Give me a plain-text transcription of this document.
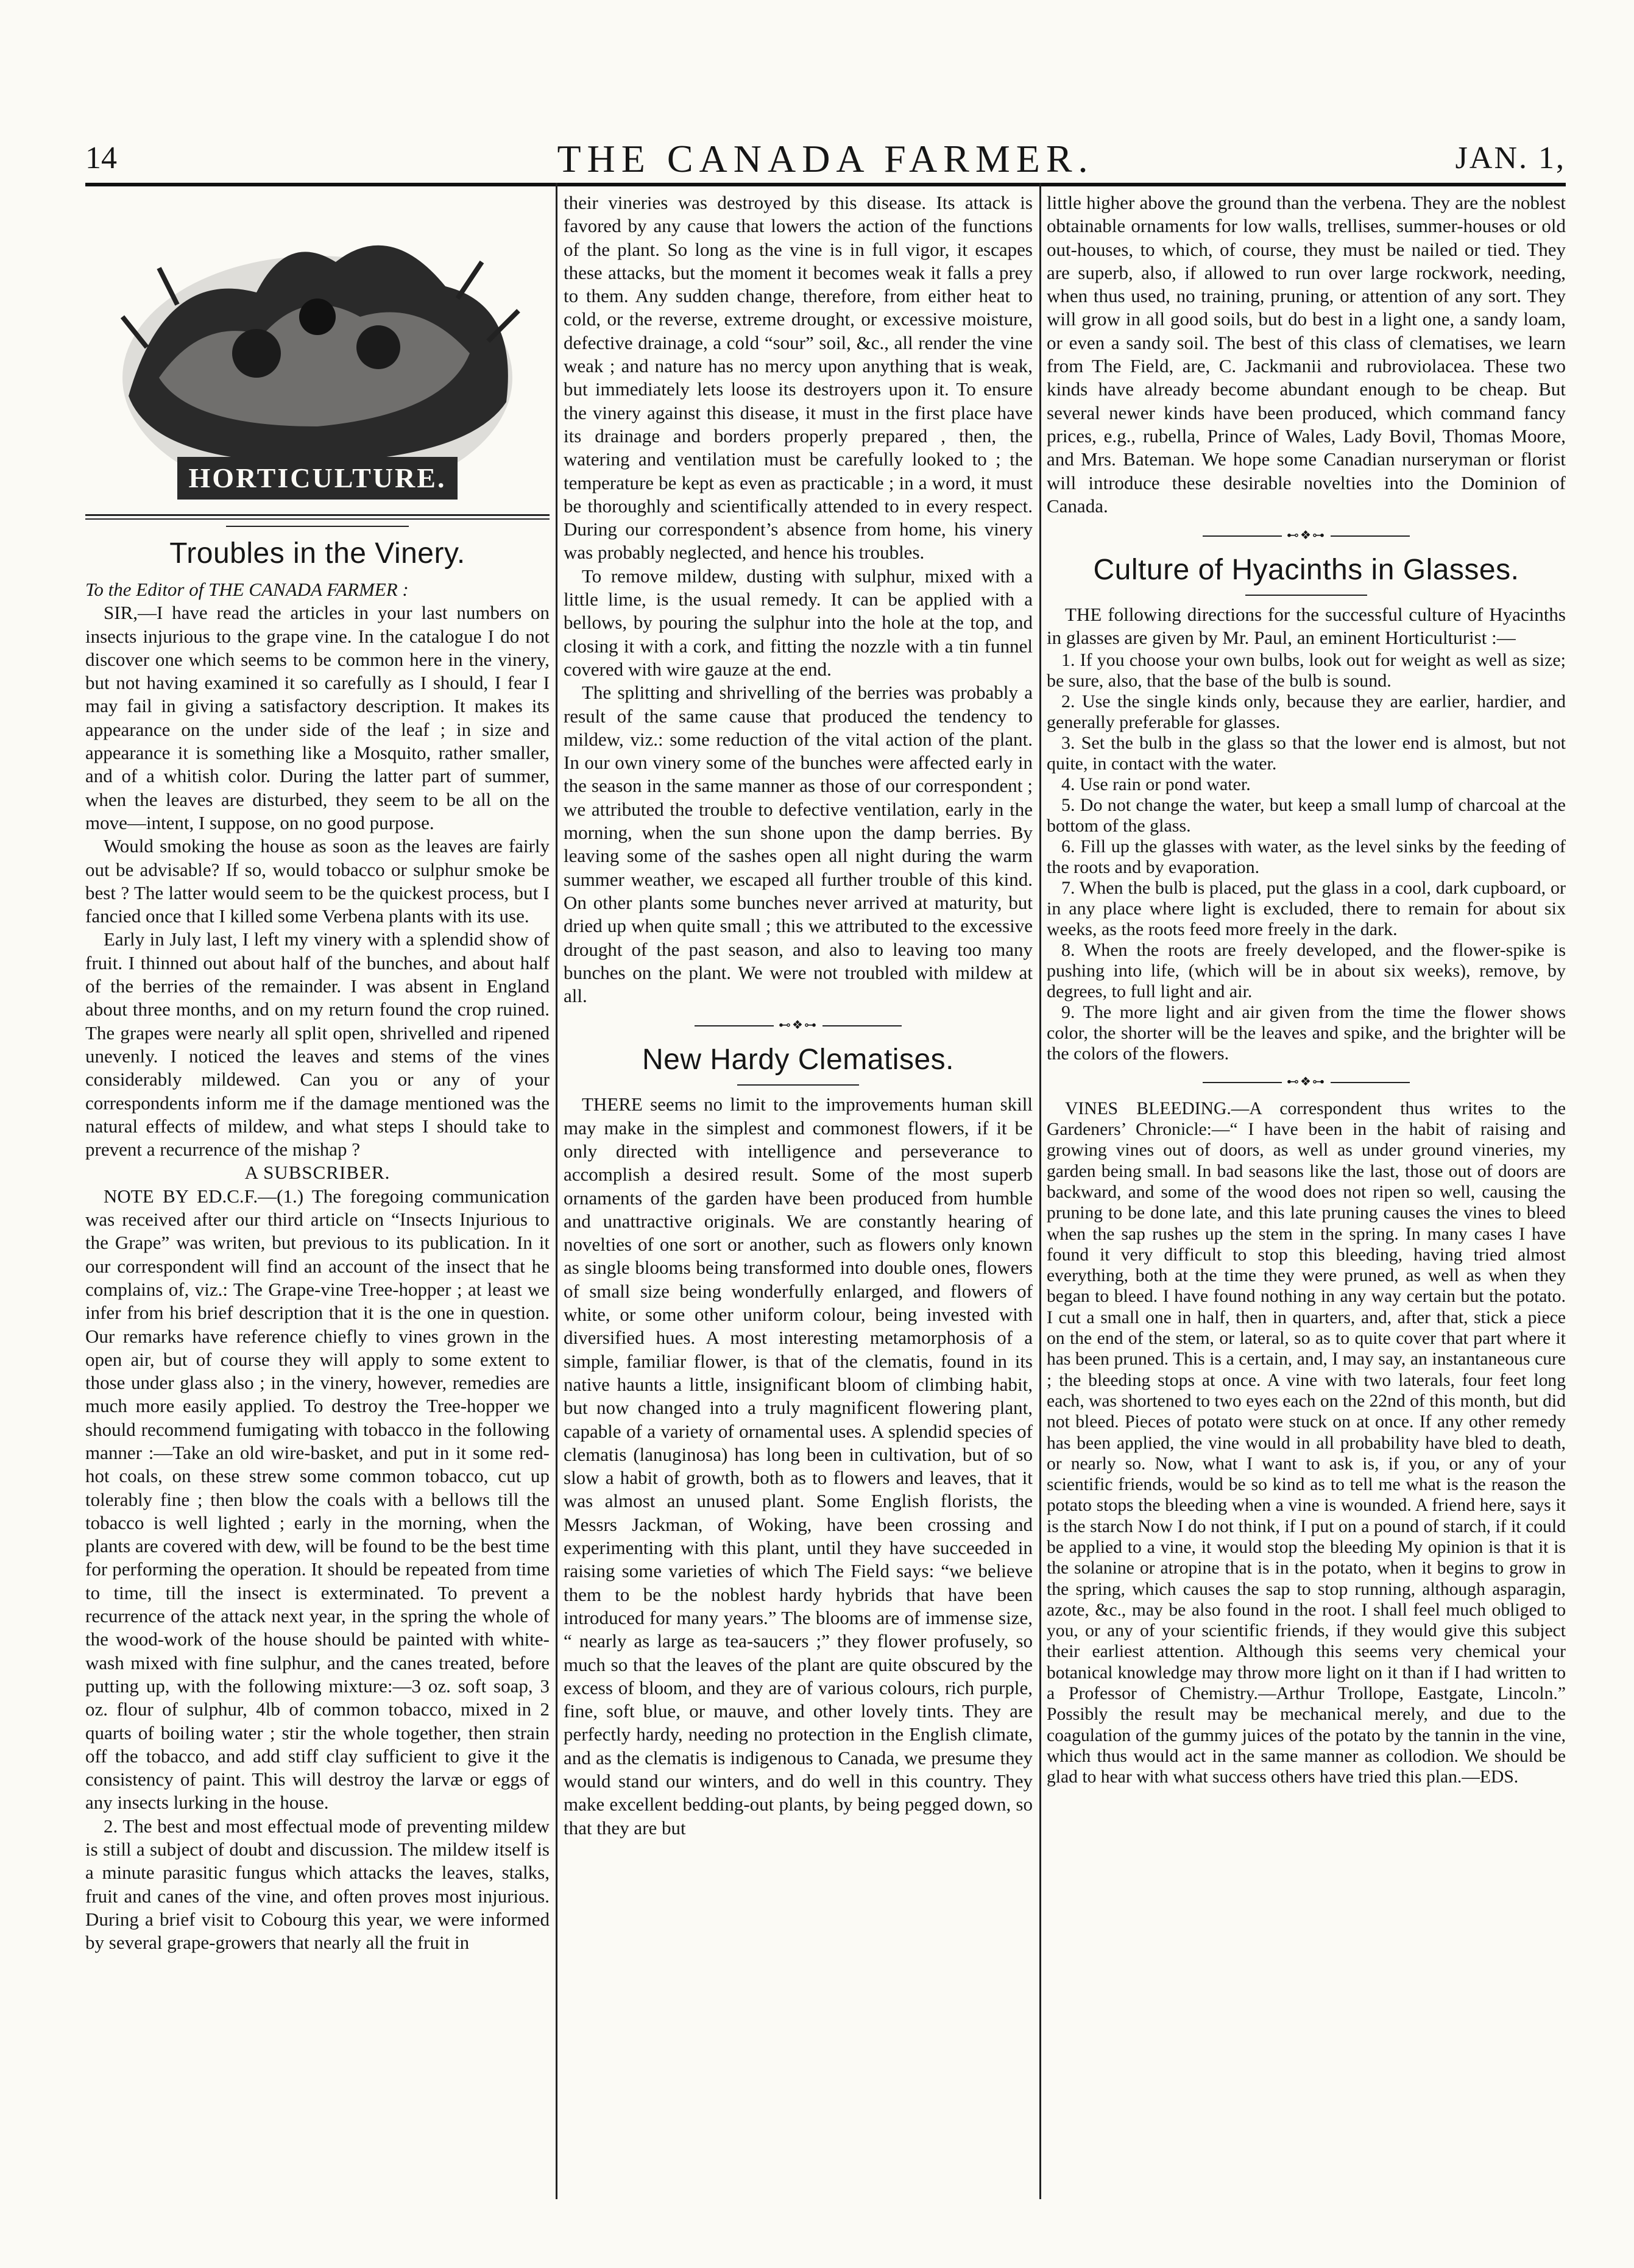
14	THE CANADA FARMER.	JAN. 1,
HORTICULTURE.
Troubles in the Vinery.

To the Editor of THE CANADA FARMER :

SIR,—I have read the articles in your last numbers on insects injurious to the grape vine. In the catalogue I do not discover one which seems to be common here in the vinery, but not having examined it so carefully as I should, I fear I may fail in giving a satisfactory description. It makes its appearance on the under side of the leaf ; in size and appearance it is something like a Mosquito, rather smaller, and of a whitish color. During the latter part of summer, when the leaves are disturbed, they seem to be all on the move—intent, I suppose, on no good purpose.

Would smoking the house as soon as the leaves are fairly out be advisable? If so, would tobacco or sulphur smoke be best ? The latter would seem to be the quickest process, but I fancied once that I killed some Verbena plants with its use.

Early in July last, I left my vinery with a splendid show of fruit. I thinned out about half of the bunches, and about half of the berries of the remainder. I was absent in England about three months, and on my return found the crop ruined. The grapes were nearly all split open, shrivelled and ripened unevenly. I noticed the leaves and stems of the vines considerably mildewed. Can you or any of your correspondents inform me if the damage mentioned was the natural effects of mildew, and what steps I should take to prevent a recurrence of the mishap ?

A SUBSCRIBER.

NOTE BY ED.C.F.—(1.) The foregoing communication was received after our third article on “Insects Injurious to the Grape” was writen, but previous to its publication. In it our correspondent will find an account of the insect that he complains of, viz.: The Grape-vine Tree-hopper ; at least we infer from his brief description that it is the one in question. Our remarks have reference chiefly to vines grown in the open air, but of course they will apply to some extent to those under glass also ; in the vinery, however, remedies are much more easily applied. To destroy the Tree-hopper we should recommend fumigating with tobacco in the following manner :—Take an old wire-basket, and put in it some red-hot coals, on these strew some common tobacco, cut up tolerably fine ; then blow the coals with a bellows till the tobacco is well lighted ; early in the morning, when the plants are covered with dew, will be found to be the best time for performing the operation. It should be repeated from time to time, till the insect is exterminated. To prevent a recurrence of the attack next year, in the spring the whole of the wood-work of the house should be painted with white-wash mixed with fine sulphur, and the canes treated, before putting up, with the following mixture:—3 oz. soft soap, 3 oz. flour of sulphur, 4lb of common tobacco, mixed in 2 quarts of boiling water ; stir the whole together, then strain off the tobacco, and add stiff clay sufficient to give it the consistency of paint. This will destroy the larvæ or eggs of any insects lurking in the house.

2. The best and most effectual mode of preventing mildew is still a subject of doubt and discussion. The mildew itself is a minute parasitic fungus which attacks the leaves, stalks, fruit and canes of the vine, and often proves most injurious. During a brief visit to Cobourg this year, we were informed by several grape-growers that nearly all the fruit in

their vineries was destroyed by this disease. Its attack is favored by any cause that lowers the action of the functions of the plant. So long as the vine is in full vigor, it escapes these attacks, but the moment it becomes weak it falls a prey to them. Any sudden change, therefore, from either heat to cold, or the reverse, extreme drought, or excessive moisture, defective drainage, a cold “sour” soil, &c., all render the vine weak ; and nature has no mercy upon anything that is weak, but immediately lets loose its destroyers upon it. To ensure the vinery against this disease, it must in the first place have its drainage and borders properly prepared , then, the watering and ventilation must be carefully looked to ; the temperature be kept as even as practicable ; in a word, it must be thoroughly and scientifically attended to in every respect. During our correspondent’s absence from home, his vinery was probably neglected, and hence his troubles.

To remove mildew, dusting with sulphur, mixed with a little lime, is the usual remedy. It can be applied with a bellows, by pouring the sulphur into the hole at the top, and closing it with a cork, and fitting the nozzle with a tin funnel covered with wire gauze at the end.

The splitting and shrivelling of the berries was probably a result of the same cause that produced the tendency to mildew, viz.: some reduction of the vital action of the plant. In our own vinery some of the bunches were affected early in the season in the same manner as those of our correspondent ; we attributed the trouble to defective ventilation, early in the morning, when the sun shone upon the damp berries. By leaving some of the sashes open all night during the warm summer weather, we escaped all further trouble of this kind. On other plants some bunches never arrived at maturity, but dried up when quite small ; this we attributed to the excessive drought of the past season, and also to leaving too many bunches on the plant. We were not troubled with mildew at all.

⊷❖⊶
New Hardy Clematises.

THERE seems no limit to the improvements human skill may make in the simplest and commonest flowers, if it be only directed with intelligence and perseverance to accomplish a desired result. Some of the most superb ornaments of the garden have been produced from humble and unattractive originals. We are constantly hearing of novelties of one sort or another, such as flowers only known as single blooms being transformed into double ones, flowers of small size being wonderfully enlarged, and flowers of white, or some other uniform colour, being invested with diversified hues. A most interesting metamorphosis of a simple, familiar flower, is that of the clematis, found in its native haunts a little, insignificant bloom of climbing habit, but now changed into a truly magnificent flowering plant, capable of a variety of ornamental uses. A splendid species of clematis (lanuginosa) has long been in cultivation, but of so slow a habit of growth, both as to flowers and leaves, that it was almost an unused plant. Some English florists, the Messrs Jackman, of Woking, have been crossing and experimenting with this plant, until they have succeeded in raising some varieties of which The Field says: “we believe them to be the noblest hardy hybrids that have been introduced for many years.” The blooms are of immense size, “ nearly as large as tea-saucers ;” they flower profusely, so much so that the leaves of the plant are quite obscured by the excess of bloom, and they are of various colours, rich purple, fine, soft blue, or mauve, and other lovely tints. They are perfectly hardy, needing no protection in the English climate, and as the clematis is indigenous to Canada, we presume they would stand our winters, and do well in this country. They make excellent bedding-out plants, by being pegged down, so that they are but

little higher above the ground than the verbena. They are the noblest obtainable ornaments for low walls, trellises, summer-houses or old out-houses, to which, of course, they must be nailed or tied. They are superb, also, if allowed to run over large rockwork, needing, when thus used, no training, pruning, or attention of any sort. They will grow in all good soils, but do best in a light one, a sandy loam, or even a sandy soil. The best of this class of clematises, we learn from The Field, are, C. Jackmanii and rubroviolacea. These two kinds have already become abundant enough to be cheap. But several newer kinds have been produced, which command fancy prices, e.g., rubella, Prince of Wales, Lady Bovil, Thomas Moore, and Mrs. Bateman. We hope some Canadian nurseryman or florist will introduce these desirable novelties into the Dominion of Canada.

⊷❖⊶
Culture of Hyacinths in Glasses.

THE following directions for the successful culture of Hyacinths in glasses are given by Mr. Paul, an eminent Horticulturist :—

1. If you choose your own bulbs, look out for weight as well as size; be sure, also, that the base of the bulb is sound.

2. Use the single kinds only, because they are earlier, hardier, and generally preferable for glasses.

3. Set the bulb in the glass so that the lower end is almost, but not quite, in contact with the water.

4. Use rain or pond water.

5. Do not change the water, but keep a small lump of charcoal at the bottom of the glass.

6. Fill up the glasses with water, as the level sinks by the feeding of the roots and by evaporation.

7. When the bulb is placed, put the glass in a cool, dark cupboard, or in any place where light is excluded, there to remain for about six weeks, as the roots feed more freely in the dark.

8. When the roots are freely developed, and the flower-spike is pushing into life, (which will be in about six weeks), remove, by degrees, to full light and air.

9. The more light and air given from the time the flower shows color, the shorter will be the leaves and spike, and the brighter will be the colors of the flowers.

⊷❖⊶

VINES BLEEDING.—A correspondent thus writes to the Gardeners’ Chronicle:—“ I have been in the habit of raising and growing vines out of doors, as well as under ground vineries, my garden being small. In bad seasons like the last, those out of doors are backward, and some of the wood does not ripen so well, causing the pruning to be done late, and this late pruning causes the vines to bleed when the sap rushes up the stem in the spring. In many cases I have found it very difficult to stop this bleeding, having tried almost everything, both at the time they were pruned, as well as when they began to bleed. I have found nothing in any way certain but the potato. I cut a small one in half, then in quarters, and, after that, stick a piece on the end of the stem, or lateral, so as to quite cover that part where it has been pruned. This is a certain, and, I may say, an instantaneous cure ; the bleeding stops at once. A vine with two laterals, four feet long each, was shortened to two eyes each on the 22nd of this month, but did not bleed. Pieces of potato were stuck on at once. If any other remedy has been applied, the vine would in all probability have bled to death, or nearly so. Now, what I want to ask is, if you, or any of your scientific friends, would be so kind as to tell me what is the reason the potato stops the bleeding when a vine is wounded. A friend here, says it is the starch Now I do not think, if I put on a pound of starch, if it could be applied to a vine, it would stop the bleeding My opinion is that it is the solanine or atropine that is in the potato, when it begins to grow in the spring, which causes the sap to stop running, although asparagin, azote, &c., may be also found in the root. I shall feel much obliged to you, or any of your scientific friends, if they would give this subject their earliest attention. Although this seems very chemical your botanical knowledge may throw more light on it than if I had written to a Professor of Chemistry.—Arthur Trollope, Eastgate, Lincoln.” Possibly the result may be mechanical merely, and due to the coagulation of the gummy juices of the potato by the tannin in the vine, which thus would act in the same manner as collodion. We should be glad to hear with what success others have tried this plan.—EDS.
